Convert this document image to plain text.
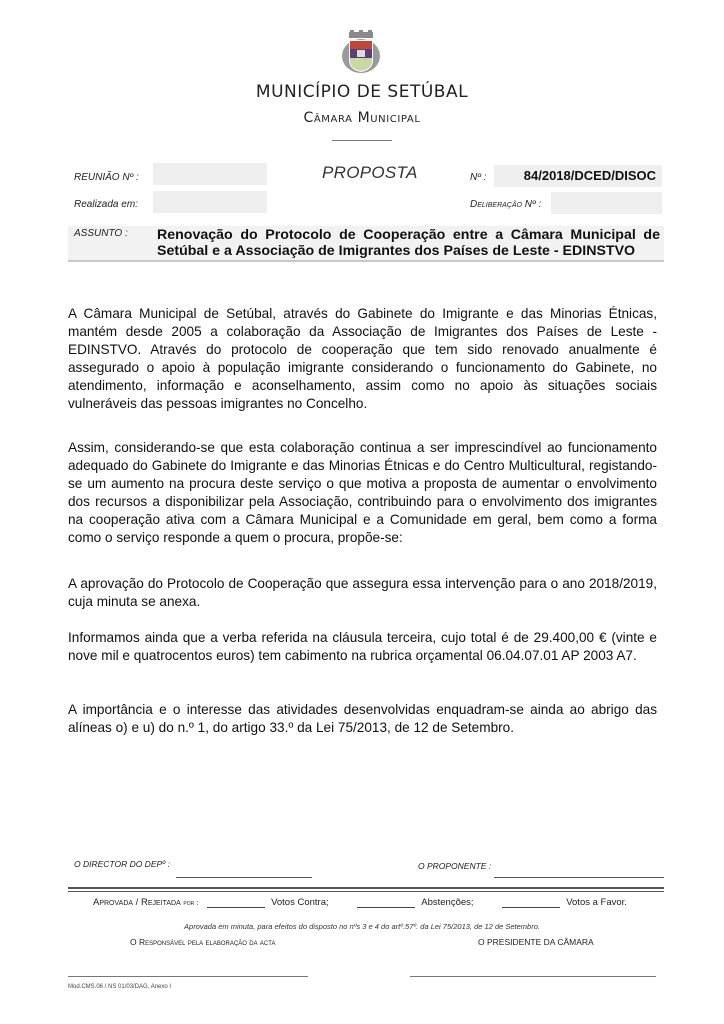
MUNICÍPIO DE SETÚBAL
Câmara Municipal
REUNIÃO Nº :
Realizada em:
PROPOSTA	Nº :	84/2018/DCED/DISOC
Deliberação Nº :
ASSUNTO : Renovação do Protocolo de Cooperação entre a Câmara Municipal de Setúbal e a Associação de Imigrantes dos Países de Leste - EDINSTVO
A Câmara Municipal de Setúbal, através do Gabinete do Imigrante e das Minorias Étnicas, mantém desde 2005 a colaboração da Associação de Imigrantes dos Países de Leste - EDINSTVO. Através do protocolo de cooperação que tem sido renovado anualmente é assegurado o apoio à população imigrante considerando o funcionamento do Gabinete, no atendimento, informação e aconselhamento, assim como no apoio às situações sociais vulneráveis das pessoas imigrantes no Concelho.
Assim, considerando-se que esta colaboração continua a ser imprescindível ao funcionamento adequado do Gabinete do Imigrante e das Minorias Étnicas e do Centro Multicultural, registando-se um aumento na procura deste serviço o que motiva a proposta de aumentar o envolvimento dos recursos a disponibilizar pela Associação, contribuindo para o envolvimento dos imigrantes na cooperação ativa com a Câmara Municipal e a Comunidade em geral, bem como a forma como o serviço responde a quem o procura, propõe-se:
A aprovação do Protocolo de Cooperação que assegura essa intervenção para o ano 2018/2019, cuja minuta se anexa.
Informamos ainda que a verba referida na cláusula terceira, cujo total é de 29.400,00 € (vinte e nove mil e quatrocentos euros) tem cabimento na rubrica orçamental 06.04.07.01 AP 2003 A7.
A importância e o interesse das atividades desenvolvidas enquadram-se ainda ao abrigo das alíneas o) e u) do n.º 1, do artigo 33.º da Lei 75/2013, de 12 de Setembro.
O DIRECTOR DO DEPº :	O PROPONENTE :
Aprovada / Rejeitada por :	Votos Contra;	Abstenções;	Votos a Favor.
Aprovada em minuta, para efeitos do disposto no nºs 3 e 4 do artº.57º. da Lei 75/2013, de 12 de Setembro.
O Responsável pela elaboração da acta	O PRESIDENTE DA CÂMARA
Mod.CMS.06 / NS 01/03/DAG, Anexo I
